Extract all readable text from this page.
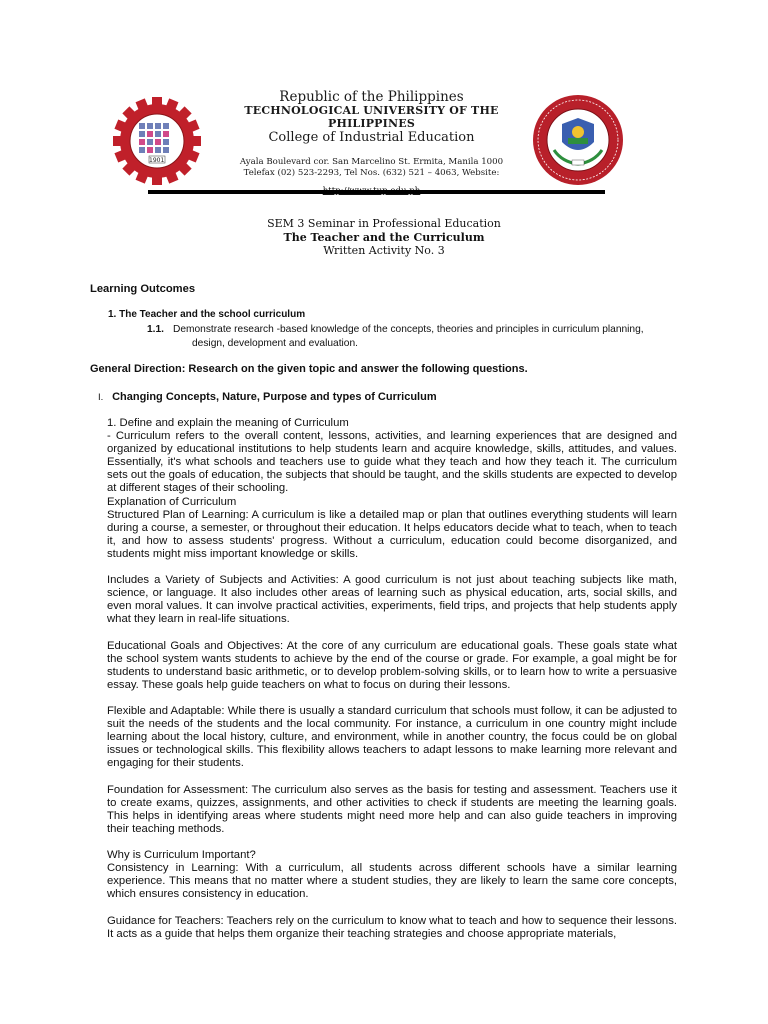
1901
Republic of the Philippines
TECHNOLOGICAL UNIVERSITY OF THE
PHILIPPINES
College of Industrial Education
Ayala Boulevard cor. San Marcelino St. Ermita, Manila 1000
Telefax (02) 523-2293, Tel Nos. (632) 521 – 4063, Website:
SEM 3 Seminar in Professional Education
The Teacher and the Curriculum
Written Activity No. 3
Learning Outcomes
1. The Teacher and the school curriculum
1.1. Demonstrate research -based knowledge of the concepts, theories and principles in curriculum planning,
design, development and evaluation.
General Direction: Research on the given topic and answer the following questions.
I. Changing Concepts, Nature, Purpose and types of Curriculum

1. Define and explain the meaning of Curriculum

- Curriculum refers to the overall content, lessons, activities, and learning experiences that are designed and organized by educational institutions to help students learn and acquire knowledge, skills, attitudes, and values. Essentially, it's what schools and teachers use to guide what they teach and how they teach it. The curriculum sets out the goals of education, the subjects that should be taught, and the skills students are expected to develop at different stages of their schooling.

Explanation of Curriculum

Structured Plan of Learning: A curriculum is like a detailed map or plan that outlines everything students will learn during a course, a semester, or throughout their education. It helps educators decide what to teach, when to teach it, and how to assess students' progress. Without a curriculum, education could become disorganized, and students might miss important knowledge or skills.

Includes a Variety of Subjects and Activities: A good curriculum is not just about teaching subjects like math, science, or language. It also includes other areas of learning such as physical education, arts, social skills, and even moral values. It can involve practical activities, experiments, field trips, and projects that help students apply what they learn in real-life situations.

Educational Goals and Objectives: At the core of any curriculum are educational goals. These goals state what the school system wants students to achieve by the end of the course or grade. For example, a goal might be for students to understand basic arithmetic, or to develop problem-solving skills, or to learn how to write a persuasive essay. These goals help guide teachers on what to focus on during their lessons.

Flexible and Adaptable: While there is usually a standard curriculum that schools must follow, it can be adjusted to suit the needs of the students and the local community. For instance, a curriculum in one country might include learning about the local history, culture, and environment, while in another country, the focus could be on global issues or technological skills. This flexibility allows teachers to adapt lessons to make learning more relevant and engaging for their students.

Foundation for Assessment: The curriculum also serves as the basis for testing and assessment. Teachers use it to create exams, quizzes, assignments, and other activities to check if students are meeting the learning goals. This helps in identifying areas where students might need more help and can also guide teachers in improving their teaching methods.

Why is Curriculum Important?

Consistency in Learning: With a curriculum, all students across different schools have a similar learning experience. This means that no matter where a student studies, they are likely to learn the same core concepts, which ensures consistency in education.

Guidance for Teachers: Teachers rely on the curriculum to know what to teach and how to sequence their lessons. It acts as a guide that helps them organize their teaching strategies and choose appropriate materials,
